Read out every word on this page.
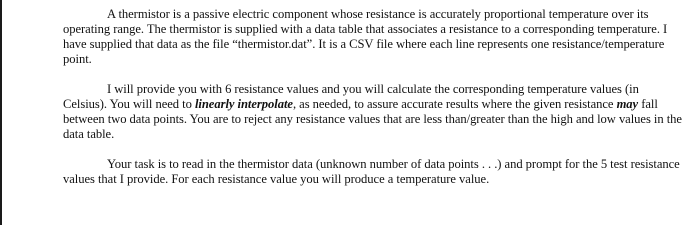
A thermistor is a passive electric component whose resistance is accurately proportional temperature over its operating range. The thermistor is supplied with a data table that associates a resistance to a corresponding temperature. I have supplied that data as the file “thermistor.dat”. It is a CSV file where each line represents one resistance/temperature point.

I will provide you with 6 resistance values and you will calculate the corresponding temperature values (in Celsius). You will need to linearly interpolate, as needed, to assure accurate results where the given resistance may fall between two data points. You are to reject any resistance values that are less than/greater than the high and low values in the data table.

Your task is to read in the thermistor data (unknown number of data points . . .) and prompt for the 5 test resistance values that I provide. For each resistance value you will produce a temperature value.
